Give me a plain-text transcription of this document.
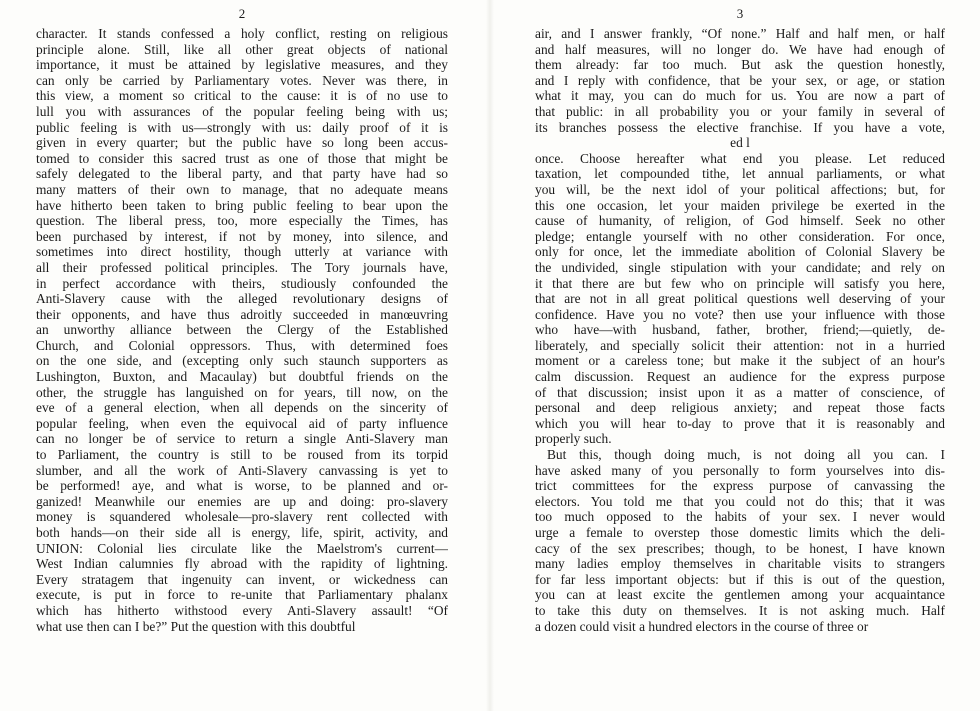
2
character. It stands confessed a holy conflict, resting on religious
principle alone. Still, like all other great objects of national
importance, it must be attained by legislative measures, and they
can only be carried by Parliamentary votes. Never was there, in
this view, a moment so critical to the cause: it is of no use to
lull you with assurances of the popular feeling being with us;
public feeling is with us—strongly with us: daily proof of it is
given in every quarter; but the public have so long been accus-
tomed to consider this sacred trust as one of those that might be
safely delegated to the liberal party, and that party have had so
many matters of their own to manage, that no adequate means
have hitherto been taken to bring public feeling to bear upon the
question. The liberal press, too, more especially the Times, has
been purchased by interest, if not by money, into silence, and
sometimes into direct hostility, though utterly at variance with
all their professed political principles. The Tory journals have,
in perfect accordance with theirs, studiously confounded the
Anti-Slavery cause with the alleged revolutionary designs of
their opponents, and have thus adroitly succeeded in manœuvring
an unworthy alliance between the Clergy of the Established
Church, and Colonial oppressors. Thus, with determined foes
on the one side, and (excepting only such staunch supporters as
Lushington, Buxton, and Macaulay) but doubtful friends on the
other, the struggle has languished on for years, till now, on the
eve of a general election, when all depends on the sincerity of
popular feeling, when even the equivocal aid of party influence
can no longer be of service to return a single Anti-Slavery man
to Parliament, the country is still to be roused from its torpid
slumber, and all the work of Anti-Slavery canvassing is yet to
be performed! aye, and what is worse, to be planned and or-
ganized! Meanwhile our enemies are up and doing: pro-slavery
money is squandered wholesale—pro-slavery rent collected with
both hands—on their side all is energy, life, spirit, activity, and
UNION: Colonial lies circulate like the Maelstrom's current—
West Indian calumnies fly abroad with the rapidity of lightning.
Every stratagem that ingenuity can invent, or wickedness can
execute, is put in force to re-unite that Parliamentary phalanx
which has hitherto withstood every Anti-Slavery assault! “Of
what use then can I be?” Put the question with this doubtful
3
air, and I answer frankly, “Of none.” Half and half men, or half
and half measures, will no longer do. We have had enough of
them already: far too much. But ask the question honestly,
and I reply with confidence, that be your sex, or age, or station
what it may, you can do much for us. You are now a part of
that public: in all probability you or your family in several of
its branches possess the elective franchise. If you have a vote,
ed l
once. Choose hereafter what end you please. Let reduced
taxation, let compounded tithe, let annual parliaments, or what
you will, be the next idol of your political affections; but, for
this one occasion, let your maiden privilege be exerted in the
cause of humanity, of religion, of God himself. Seek no other
pledge; entangle yourself with no other consideration. For once,
only for once, let the immediate abolition of Colonial Slavery be
the undivided, single stipulation with your candidate; and rely on
it that there are but few who on principle will satisfy you here,
that are not in all great political questions well deserving of your
confidence. Have you no vote? then use your influence with those
who have—with husband, father, brother, friend;—quietly, de-
liberately, and specially solicit their attention: not in a hurried
moment or a careless tone; but make it the subject of an hour's
calm discussion. Request an audience for the express purpose
of that discussion; insist upon it as a matter of conscience, of
personal and deep religious anxiety; and repeat those facts
which you will hear to-day to prove that it is reasonably and
properly such.
But this, though doing much, is not doing all you can. I
have asked many of you personally to form yourselves into dis-
trict committees for the express purpose of canvassing the
electors. You told me that you could not do this; that it was
too much opposed to the habits of your sex. I never would
urge a female to overstep those domestic limits which the deli-
cacy of the sex prescribes; though, to be honest, I have known
many ladies employ themselves in charitable visits to strangers
for far less important objects: but if this is out of the question,
you can at least excite the gentlemen among your acquaintance
to take this duty on themselves. It is not asking much. Half
a dozen could visit a hundred electors in the course of three or
